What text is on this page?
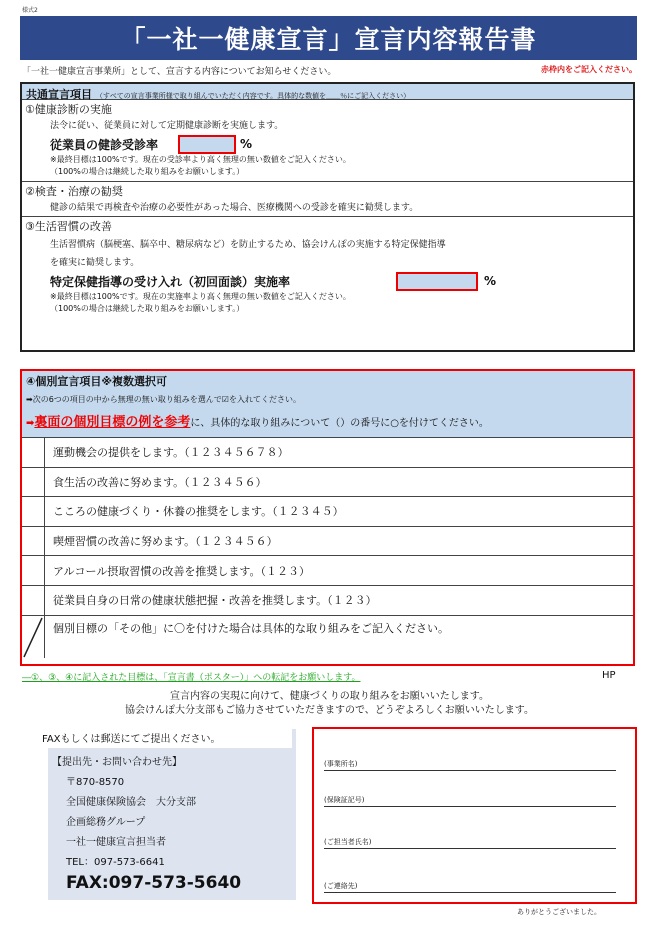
様式2
「一社一健康宣言」宣言内容報告書
「一社一健康宣言事業所」として、宣言する内容についてお知らせください。	赤枠内をご記入ください。
共通宣言項目 （すべての宣言事業所様で取り組んでいただく内容です。具体的な数値を＿＿％にご記入ください）
①健康診断の実施
法令に従い、従業員に対して定期健康診断を実施します。
従業員の健診受診率	%
※最終目標は100%です。現在の受診率より高く無理の無い数値をご記入ください。
（100%の場合は継続した取り組みをお願いします。）
②検査・治療の勧奨
健診の結果で再検査や治療の必要性があった場合、医療機関への受診を確実に勧奨します。
③生活習慣の改善
生活習慣病（脳梗塞、脳卒中、糖尿病など）を防止するため、協会けんぽの実施する特定保健指導
を確実に勧奨します。
特定保健指導の受け入れ（初回面談）実施率	%
※最終目標は100%です。現在の実施率より高く無理の無い数値をご記入ください。
（100%の場合は継続した取り組みをお願いします。）
④個別宣言項目※複数選択可
➡次の6つの項目の中から無理の無い取り組みを選んで☑を入れてください。
➡裏面の個別目標の例を参考に、具体的な取り組みについて（）の番号に○を付けてください。
運動機会の提供をします。（１２３４５６７８）
食生活の改善に努めます。（１２３４５６）
こころの健康づくり・休養の推奨をします。（１２３４５）
喫煙習慣の改善に努めます。（１２３４５６）
アルコール摂取習慣の改善を推奨します。（１２３）
従業員自身の日常の健康状態把握・改善を推奨します。（１２３）
個別目標の「その他」に〇を付けた場合は具体的な取り組みをご記入ください。
―①、③、④に記入された目標は、「宣言書（ポスター）」への転記をお願いします。	HP
宣言内容の実現に向けて、健康づくりの取り組みをお願いいたします。
協会けんぽ大分支部もご協力させていただきますので、どうぞよろしくお願いいたします。
FAXもしくは郵送にてご提出ください。
【提出先・お問い合わせ先】
〒870-8570
全国健康保険協会　大分支部
企画総務グループ
一社一健康宣言担当者
TEL：097-573-6641
FAX:097-573-5640
(事業所名)
(保険証記号)
(ご担当者氏名)
(ご連絡先)
ありがとうございました。
